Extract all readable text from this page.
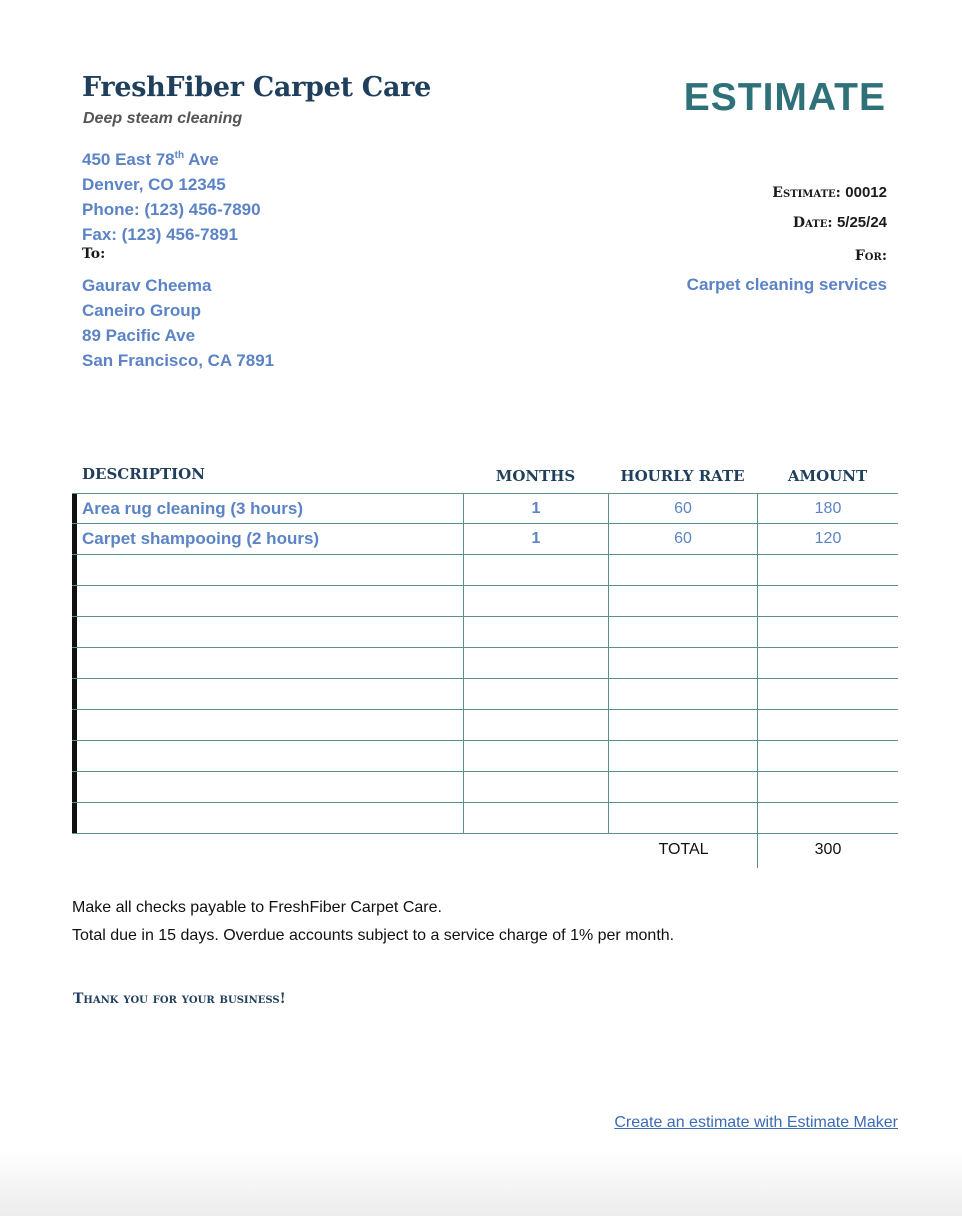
FreshFiber Carpet Care
Deep steam cleaning	ESTIMATE
450 East 78th Ave
Denver, CO 12345
Phone: (123) 456-7890
Fax: (123) 456-7891
To:
Gaurav Cheema
Caneiro Group
89 Pacific Ave
San Francisco, CA 7891
Estimate: 00012
Date: 5/25/24
For:
Carpet cleaning services
DESCRIPTION	MONTHS	HOURLY RATE	AMOUNT
Area rug cleaning (3 hours)	1	60	180
Carpet shampooing (2 hours)	1	60	120
TOTAL	300
Make all checks payable to FreshFiber Carpet Care.
Total due in 15 days. Overdue accounts subject to a service charge of 1% per month.
Thank you for your business!
Create an estimate with Estimate Maker
